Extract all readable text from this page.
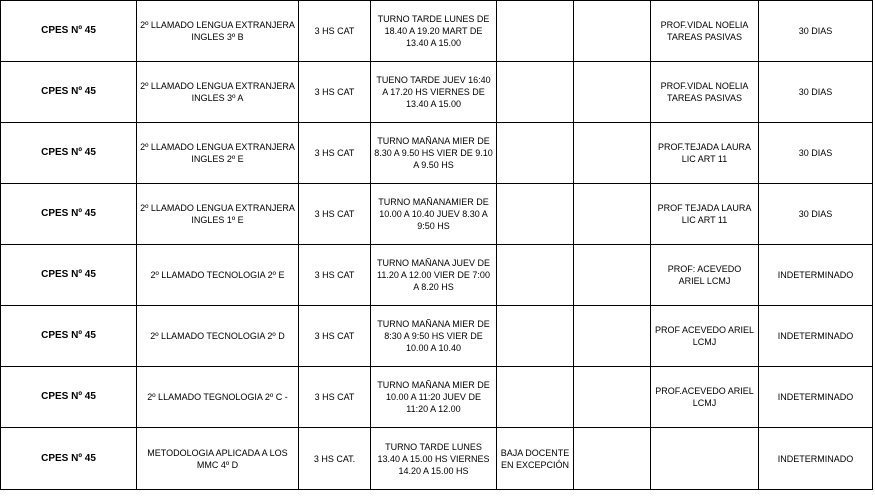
CPES Nº 45	2º LLAMADO LENGUA EXTRANJERA INGLES 3º B	3 HS CAT	TURNO TARDE LUNES DE 18.40 A 19.20 MART DE 13.40 A 15.00			PROF.VIDAL NOELIA TAREAS PASIVAS	30 DIAS
CPES Nº 45	2º LLAMADO LENGUA EXTRANJERA INGLES 3º A	3 HS CAT	TUENO TARDE JUEV 16:40 A 17.20 HS VIERNES DE 13.40 A 15.00			PROF.VIDAL NOELIA TAREAS PASIVAS	30 DIAS
CPES Nº 45	2º LLAMADO LENGUA EXTRANJERA INGLES 2º E	3 HS CAT	TURNO MAÑANA MIER DE 8.30 A 9.50 HS VIER DE 9.10 A 9.50 HS			PROF.TEJADA LAURA LIC ART 11	30 DIAS
CPES Nº 45	2º LLAMADO LENGUA EXTRANJERA INGLES 1º E	3 HS CAT	TURNO MAÑANAMIER DE 10.00 A 10.40 JUEV 8.30 A 9:50 HS			PROF TEJADA LAURA LIC ART 11	30 DIAS
CPES Nº 45	2º LLAMADO TECNOLOGIA 2º E	3 HS CAT	TURNO MAÑANA JUEV DE 11.20 A 12.00 VIER DE 7:00 A 8.20 HS			PROF: ACEVEDO ARIEL LCMJ	INDETERMINADO
CPES Nº 45	2º LLAMADO TECNOLOGIA 2º D	3 HS CAT	TURNO MAÑANA MIER DE 8:30 A 9:50 HS VIER DE 10.00 A 10.40			PROF ACEVEDO ARIEL LCMJ	INDETERMINADO
CPES Nº 45	2º LLAMADO TEGNOLOGIA 2º C -	3 HS CAT	TURNO MAÑANA MIER DE 10.00 A 11:20 JUEV DE 11:20 A 12.00			PROF.ACEVEDO ARIEL LCMJ	INDETERMINADO
CPES Nº 45	METODOLOGIA APLICADA A LOS MMC 4º D	3 HS CAT.	TURNO TARDE LUNES 13.40 A 15.00 HS VIERNES 14.20 A 15.00 HS	BAJA DOCENTE EN EXCEPCIÓN			INDETERMINADO
